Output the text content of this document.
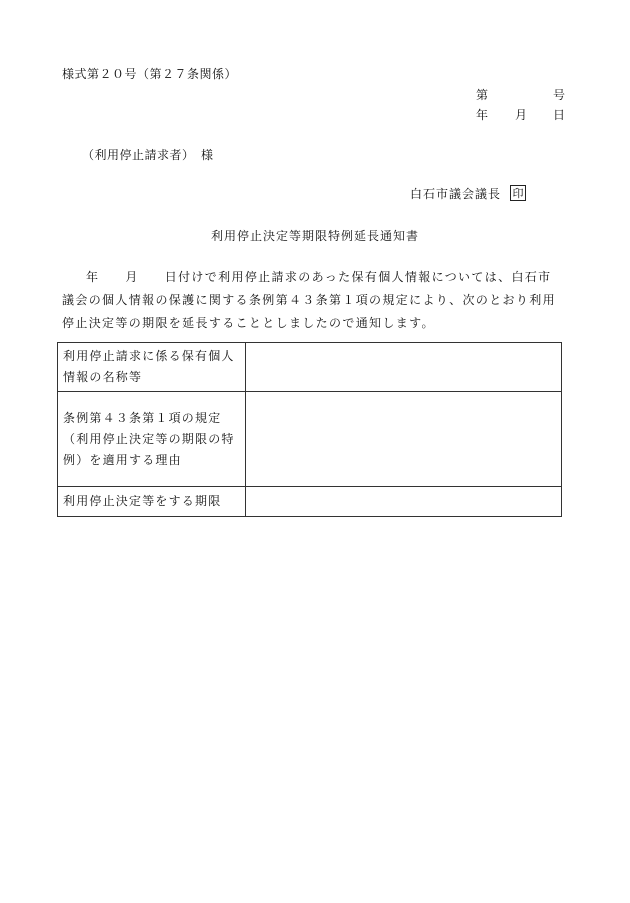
様式第２０号（第２７条関係）
第	号
年 月 日
（利用停止請求者）　様
白石市議会議長 印
利用停止決定等期限特例延長通知書
年 月 日付けで利用停止請求のあった保有個人情報については、白石市議会の個人情報の保護に関する条例第４３条第１項の規定により、次のとおり利用停止決定等の期限を延長することとしましたので通知します。
利用停止請求に係る保有個人情報の名称等	

条例第４３条第１項の規定（利用停止決定等の期限の特例）を適用する理由	

利用停止決定等をする期限	
